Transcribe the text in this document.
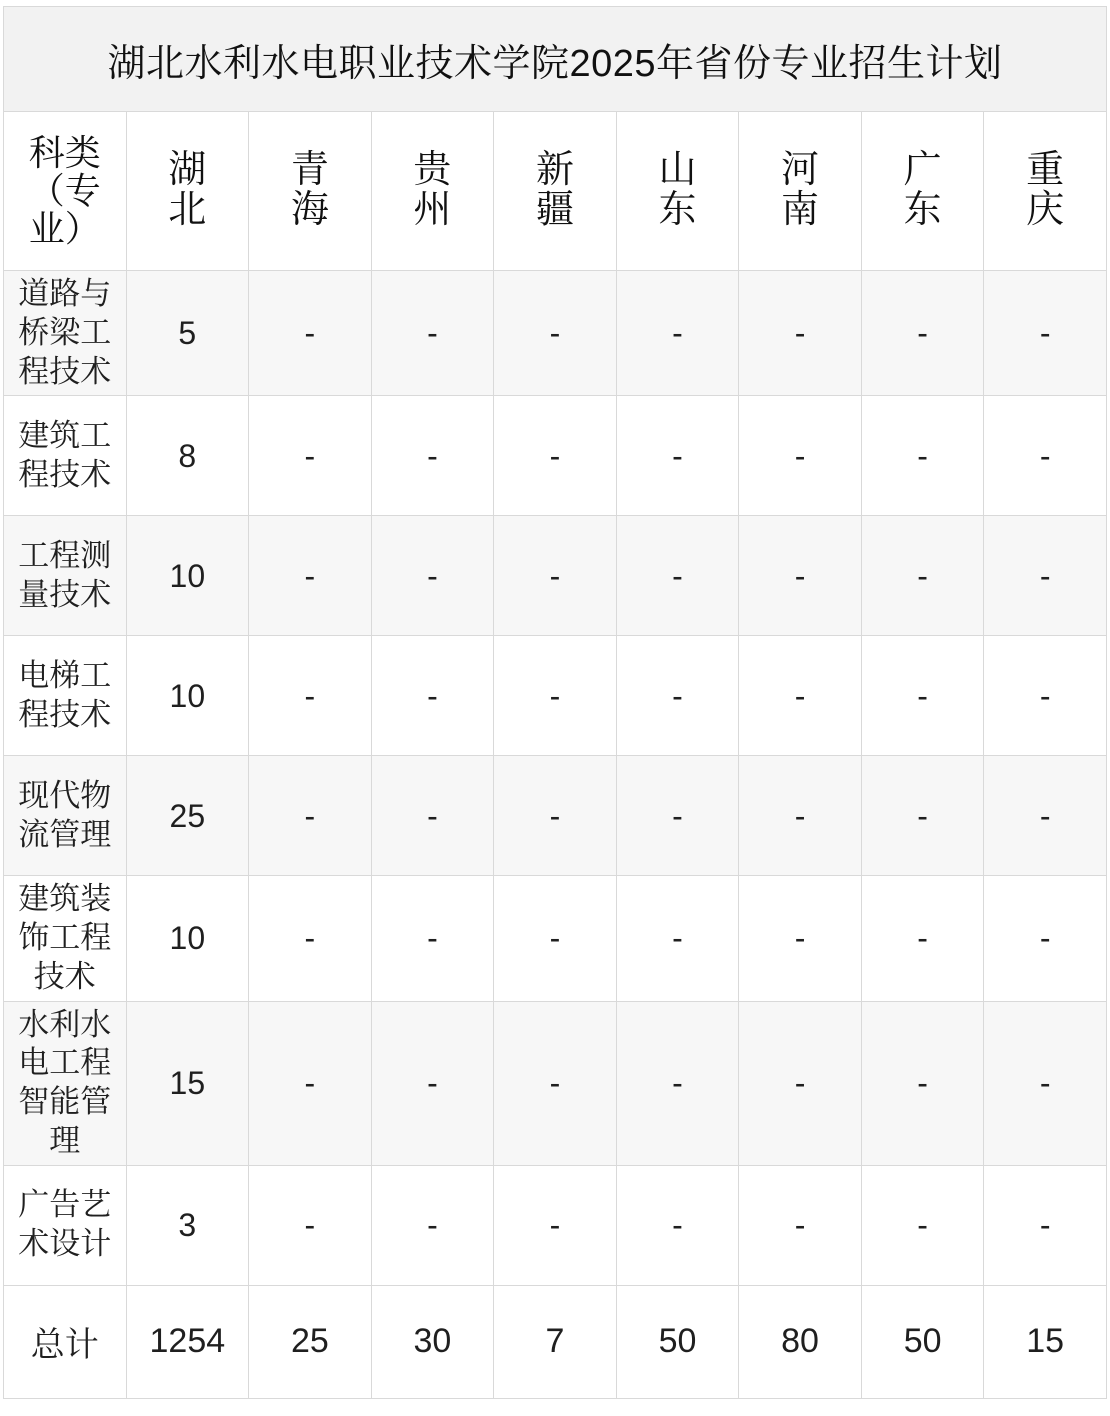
湖北水利水电职业技术学院2025年省份专业招生计划								
科类（专业）	湖北	青海	贵州	新疆	山东	河南	广东	重庆
道路与桥梁工程技术	5	-	-	-	-	-	-	-
建筑工程技术	8	-	-	-	-	-	-	-
工程测量技术	10	-	-	-	-	-	-	-
电梯工程技术	10	-	-	-	-	-	-	-
现代物流管理	25	-	-	-	-	-	-	-
建筑装饰工程技术	10	-	-	-	-	-	-	-
水利水电工程智能管理	15	-	-	-	-	-	-	-
广告艺术设计	3	-	-	-	-	-	-	-
总计	1254	25	30	7	50	80	50	15
